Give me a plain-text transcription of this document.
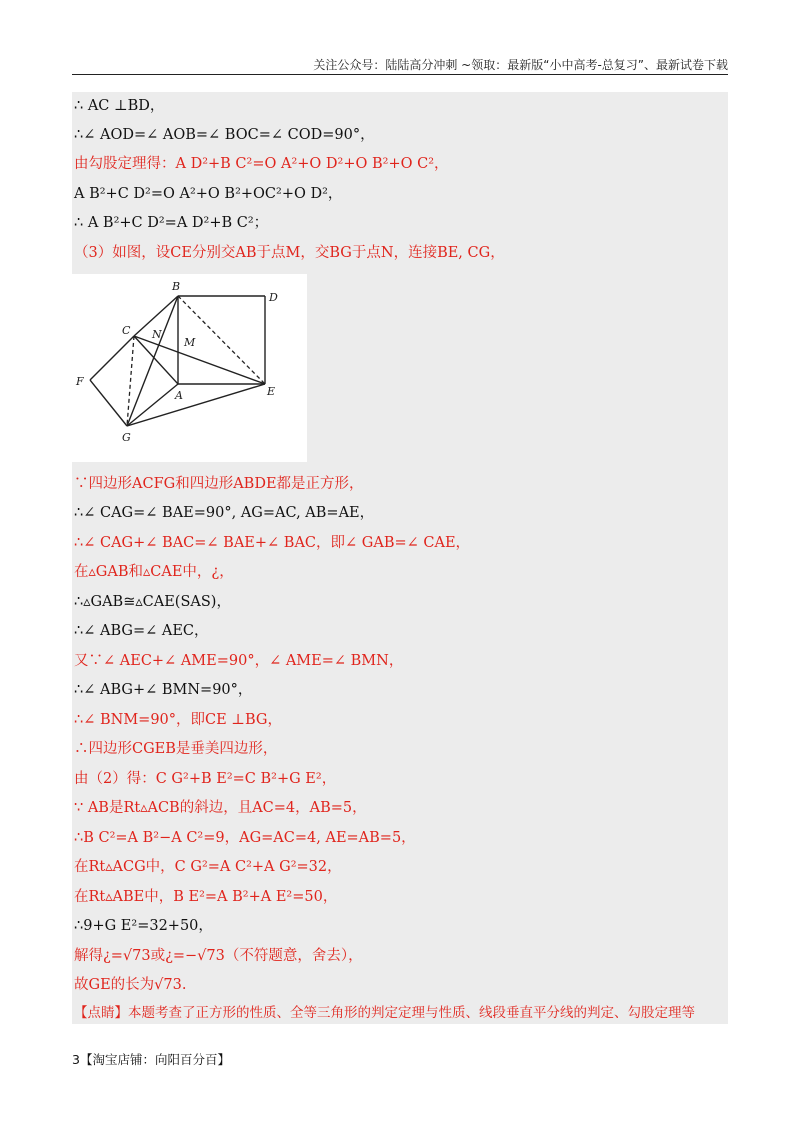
关注公众号：陆陆高分冲刺 ~领取：最新版“小中高考-总复习”、最新试卷下载
∴ AC ⊥BD，
∴∠ AOD=∠ AOB=∠ BOC=∠ COD=90°，
由勾股定理得：A D²+B C²=O A²+O D²+O B²+O C²，
A B²+C D²=O A²+O B²+OC²+O D²，
∴ A B²+C D²=A D²+B C²；
（3）如图，设CE分别交AB于点M，交BG于点N，连接BE, CG，
B
D
C N
M
F
A	E
G
∵四边形ACFG和四边形ABDE都是正方形，
∴∠ CAG=∠ BAE=90°, AG=AC, AB=AE，
∴∠ CAG+∠ BAC=∠ BAE+∠ BAC，即∠ GAB=∠ CAE，
在▵GAB和▵CAE中，¿，
∴▵GAB≅▵CAE(SAS)，
∴∠ ABG=∠ AEC，
又∵∠ AEC+∠ AME=90°，∠ AME=∠ BMN，
∴∠ ABG+∠ BMN=90°，
∴∠ BNM=90°，即CE ⊥BG，
∴四边形CGEB是垂美四边形，
由（2）得：C G²+B E²=C B²+G E²，
∵ AB是Rt▵ACB的斜边，且AC=4，AB=5，
∴B C²=A B²−A C²=9，AG=AC=4, AE=AB=5，
在Rt▵ACG中，C G²=A C²+A G²=32，
在Rt▵ABE中，B E²=A B²+A E²=50，
∴9+G E²=32+50，
解得¿=√73或¿=−√73（不符题意，舍去），
故GE的长为√73.
【点睛】本题考查了正方形的性质、全等三角形的判定定理与性质、线段垂直平分线的判定、勾股定理等
3【淘宝店铺：向阳百分百】
